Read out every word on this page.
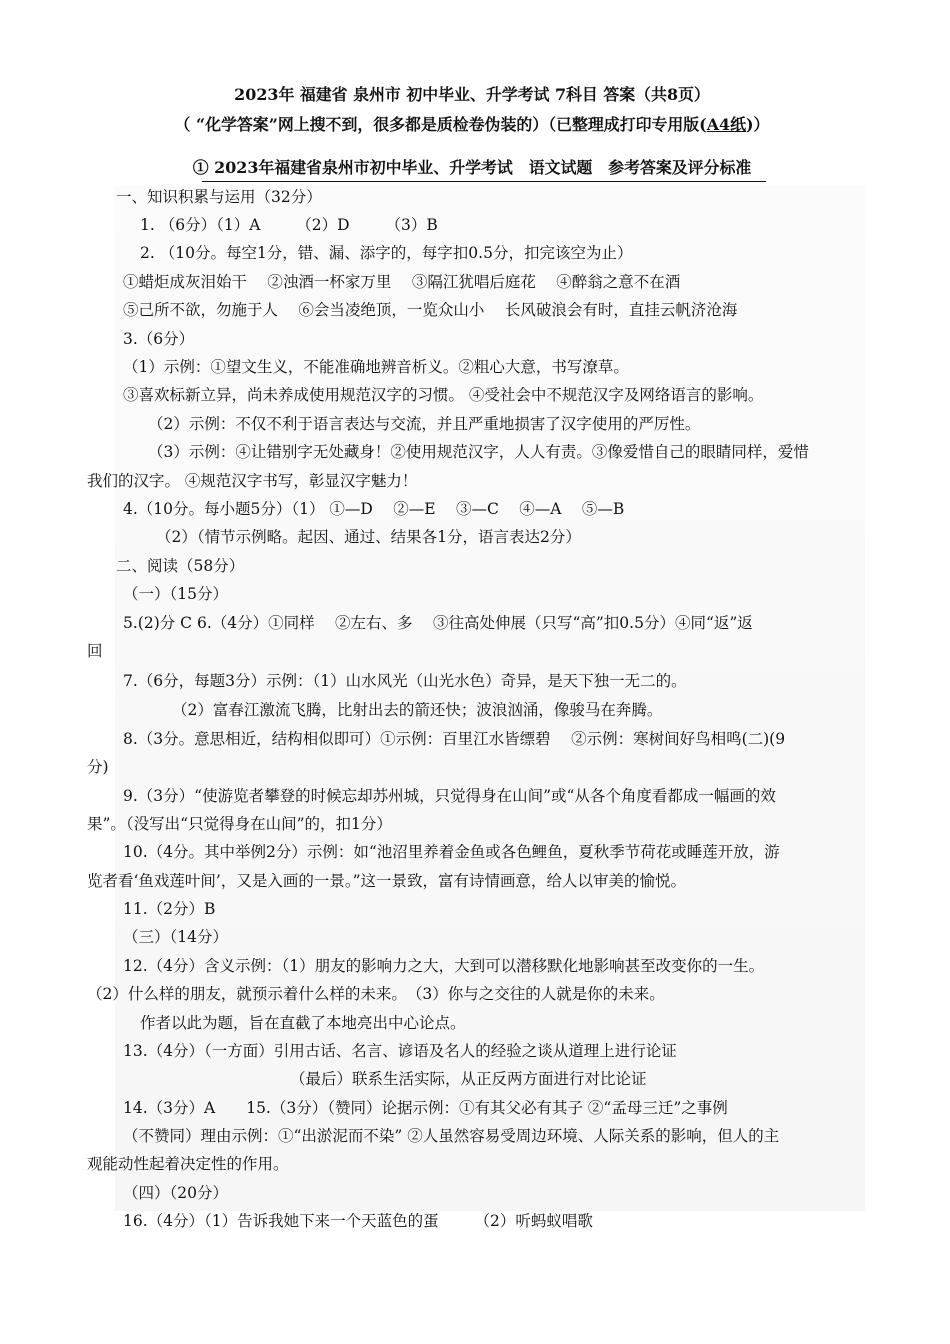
2023年 福建省 泉州市 初中毕业、升学考试 7科目 答案（共8页）
（ “化学答案”网上搜不到，很多都是质检卷伪装的）（已整理成打印专用版(A4纸)）
① 2023年福建省泉州市初中毕业、升学考试　语文试题　参考答案及评分标准
一、知识积累与运用（32分）
1. （6分）（1）A　　 （2）D　　 （3）B
2. （10分。每空1分，错、漏、添字的，每字扣0.5分，扣完该空为止）
①蜡炬成灰泪始干　 ②浊酒一杯家万里　 ③隔江犹唱后庭花　 ④醉翁之意不在酒
⑤己所不欲，勿施于人　 ⑥会当凌绝顶，一览众山小　 长风破浪会有时，直挂云帆济沧海
3.（6分）
（1）示例：①望文生义，不能准确地辨音析义。②粗心大意，书写潦草。
③喜欢标新立异，尚未养成使用规范汉字的习惯。 ④受社会中不规范汉字及网络语言的影响。
（2）示例：不仅不利于语言表达与交流，并且严重地损害了汉字使用的严厉性。
（3）示例：④让错别字无处藏身！②使用规范汉字，人人有责。③像爱惜自己的眼睛同样，爱惜
我们的汉字。 ④规范汉字书写，彰显汉字魅力！
4.（10分。每小题5分）（1） ①—D　 ②—E　 ③—C　 ④—A　 ⑤—B
（2）（情节示例略。起因、通过、结果各1分，语言表达2分）
二、阅读（58分）
（一）（15分）
5.(2)分 C 6.（4分）①同样　 ②左右、多　 ③往高处伸展（只写“高”扣0.5分）④同“返”返
回
7.（6分，每题3分）示例：（1）山水风光（山光水色）奇异，是天下独一无二的。
（2）富春江激流飞腾，比射出去的箭还快；波浪汹涌，像骏马在奔腾。
8.（3分。意思相近，结构相似即可）①示例：百里江水皆缥碧　 ②示例：寒树间好鸟相鸣(二)(9
分)
9.（3分）“使游览者攀登的时候忘却苏州城，只觉得身在山间”或“从各个角度看都成一幅画的效
果”。（没写出“只觉得身在山间”的，扣1分）
10.（4分。其中举例2分）示例：如“池沼里养着金鱼或各色鲤鱼，夏秋季节荷花或睡莲开放，游
览者看‘鱼戏莲叶间’，又是入画的一景。”这一景致，富有诗情画意，给人以审美的愉悦。
11.（2分）B
（三）（14分）
12.（4分）含义示例：（1）朋友的影响力之大，大到可以潜移默化地影响甚至改变你的一生。
（2）什么样的朋友，就预示着什么样的未来。　（3）你与之交往的人就是你的未来。
作者以此为题，旨在直截了本地亮出中心论点。
13.（4分）（一方面）引用古话、名言、谚语及名人的经验之谈从道理上进行论证
（最后）联系生活实际，从正反两方面进行对比论证
14.（3分）A　　15.（3分）（赞同）论据示例：①有其父必有其子 ②“孟母三迁”之事例
（不赞同）理由示例：①“出淤泥而不染” ②人虽然容易受周边环境、人际关系的影响，但人的主
观能动性起着决定性的作用。
（四）（20分）
16.（4分）（1）告诉我她下来一个天蓝色的蛋　　 （2）听蚂蚁唱歌
